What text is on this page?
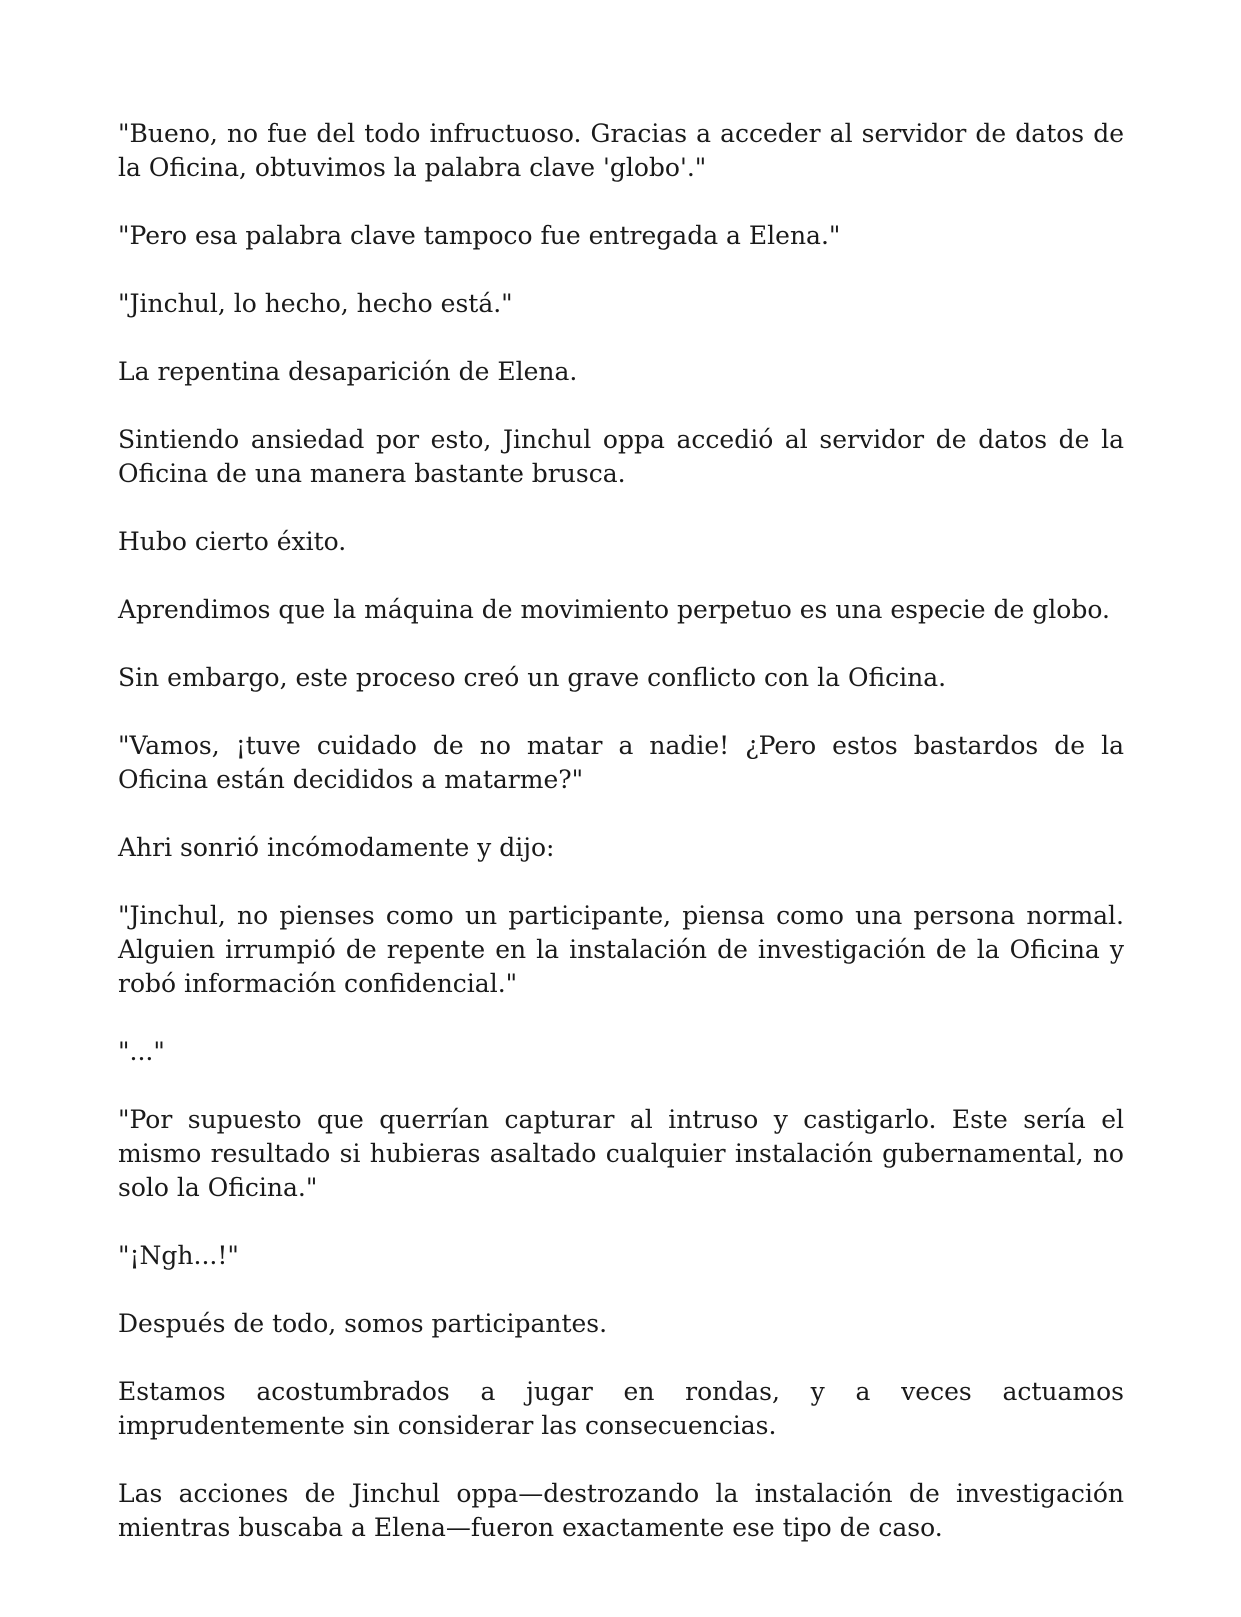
"Bueno, no fue del todo infructuoso. Gracias a acceder al servidor de datos de la Oficina, obtuvimos la palabra clave 'globo'."

"Pero esa palabra clave tampoco fue entregada a Elena."

"Jinchul, lo hecho, hecho está."

La repentina desaparición de Elena.

Sintiendo ansiedad por esto, Jinchul oppa accedió al servidor de datos de la Oficina de una manera bastante brusca.

Hubo cierto éxito.

Aprendimos que la máquina de movimiento perpetuo es una especie de globo.

Sin embargo, este proceso creó un grave conflicto con la Oficina.

"Vamos, ¡tuve cuidado de no matar a nadie! ¿Pero estos bastardos de la Oficina están decididos a matarme?"

Ahri sonrió incómodamente y dijo:

"Jinchul, no pienses como un participante, piensa como una persona normal. Alguien irrumpió de repente en la instalación de investigación de la Oficina y robó información confidencial."

"..."

"Por supuesto que querrían capturar al intruso y castigarlo. Este sería el mismo resultado si hubieras asaltado cualquier instalación gubernamental, no solo la Oficina."

"¡Ngh...!"

Después de todo, somos participantes.

Estamos acostumbrados a jugar en rondas, y a veces actuamos imprudentemente sin considerar las consecuencias.

Las acciones de Jinchul oppa—destrozando la instalación de investigación mientras buscaba a Elena—fueron exactamente ese tipo de caso.
